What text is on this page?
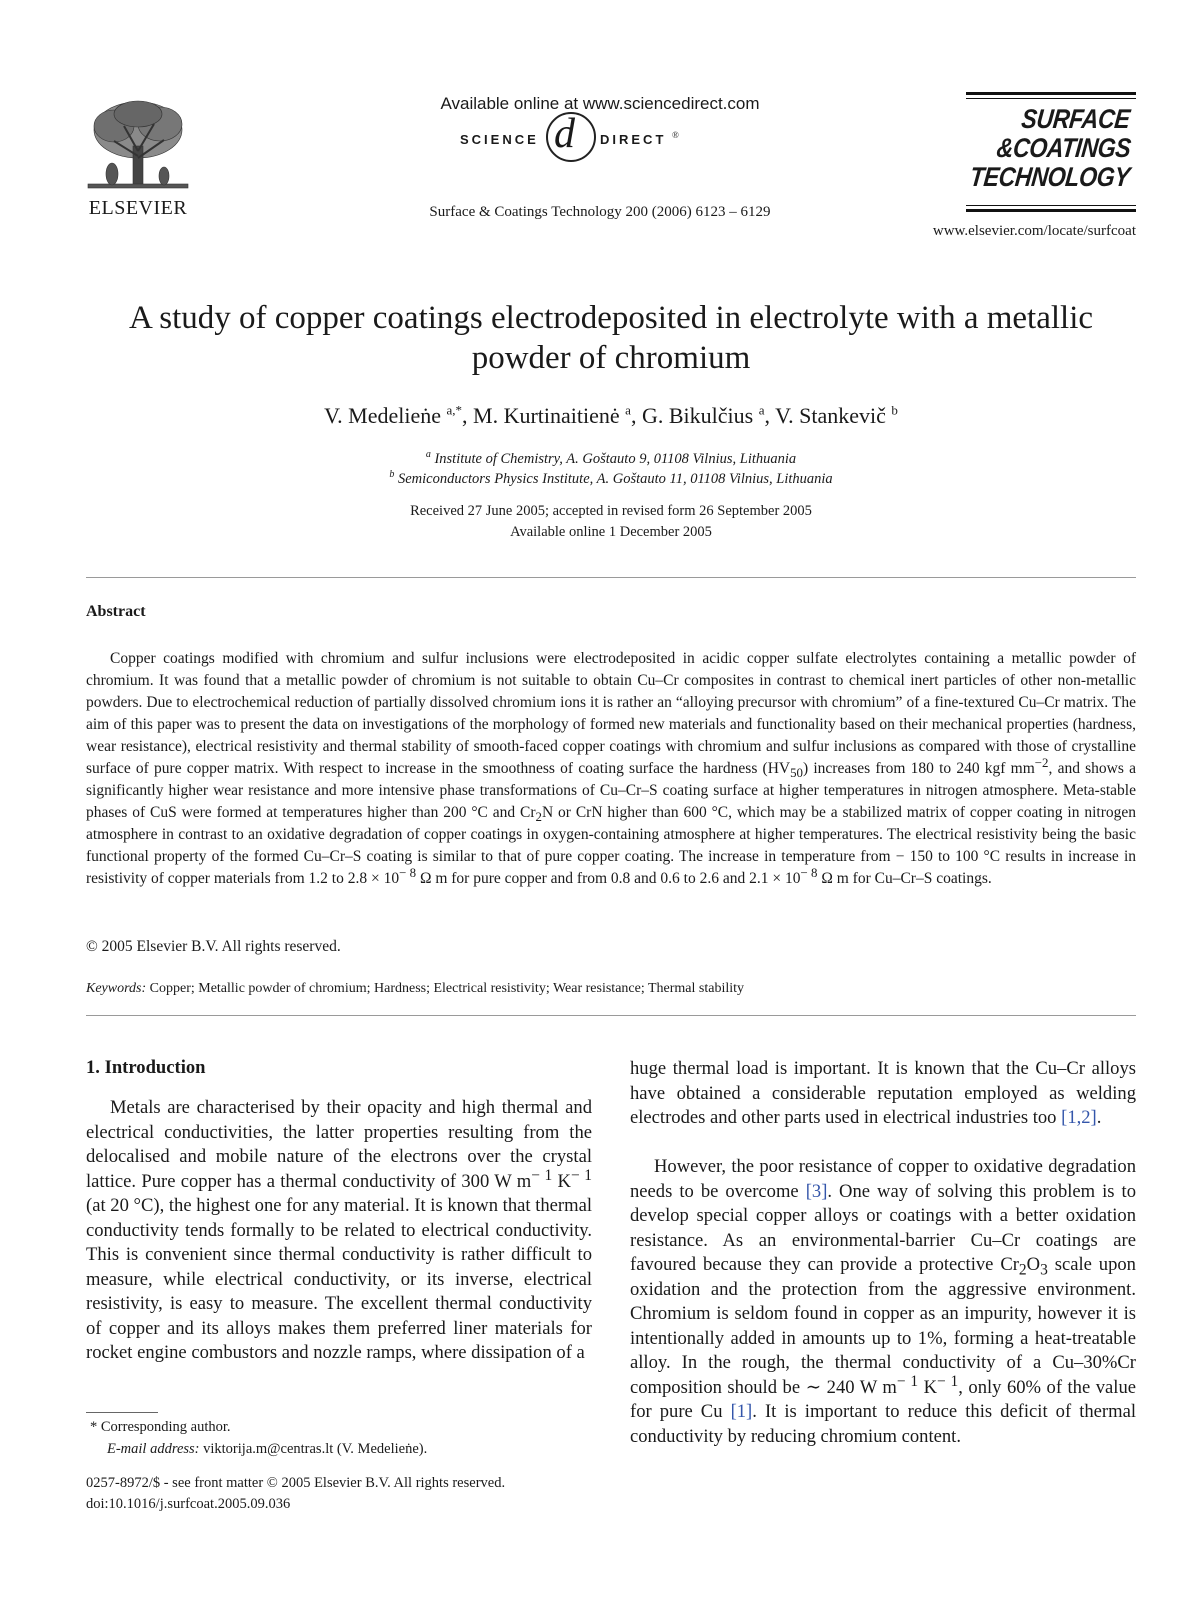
ELSEVIER
Available online at www.sciencedirect.com
SCIENCE d DIRECT ®
Surface & Coatings Technology 200 (2006) 6123 – 6129
SURFACE
&COATINGS
TECHNOLOGY
www.elsevier.com/locate/surfcoat
A study of copper coatings electrodeposited in electrolyte with a metallic
powder of chromium
V. Medelieṅe $^{a,*}$, M. Kurtinaitienė $^a$, G. Bikulčius $^a$, V. Stankevič $^b$
$^a$ Institute of Chemistry, A. Goštauto 9, 01108 Vilnius, Lithuania
$^b$ Semiconductors Physics Institute, A. Goštauto 11, 01108 Vilnius, Lithuania
Received 27 June 2005; accepted in revised form 26 September 2005
Available online 1 December 2005
Abstract

Copper coatings modified with chromium and sulfur inclusions were electrodeposited in acidic copper sulfate electrolytes containing a metallic powder of chromium. It was found that a metallic powder of chromium is not suitable to obtain Cu–Cr composites in contrast to chemical inert particles of other non-metallic powders. Due to electrochemical reduction of partially dissolved chromium ions it is rather an “alloying precursor with chromium” of a fine-textured Cu–Cr matrix. The aim of this paper was to present the data on investigations of the morphology of formed new materials and functionality based on their mechanical properties (hardness, wear resistance), electrical resistivity and thermal stability of smooth-faced copper coatings with chromium and sulfur inclusions as compared with those of crystalline surface of pure copper matrix. With respect to increase in the smoothness of coating surface the hardness $(HV_{50})$ increases from 180 to 240 kgf $mm^{-2}$, and shows a significantly higher wear resistance and more intensive phase transformations of Cu–Cr–S coating surface at higher temperatures in nitrogen atmosphere. Meta-stable phases of CuS were formed at temperatures higher than 200 °C and $Cr_2N$ or CrN higher than 600 °C, which may be a stabilized matrix of copper coating in nitrogen atmosphere in contrast to an oxidative degradation of copper coatings in oxygen-containing atmosphere at higher temperatures. The electrical resistivity being the basic functional property of the formed Cu–Cr–S coating is similar to that of pure copper coating. The increase in temperature from − 150 to 100 °C results in increase in resistivity of copper materials from 1.2 to $2.8 \times 10^{- 8}$ Ω m for pure copper and from 0.8 and 0.6 to 2.6 and $2.1 \times 10^{- 8}$ Ω m for Cu–Cr–S coatings.

© 2005 Elsevier B.V. All rights reserved.
Keywords: Copper; Metallic powder of chromium; Hardness; Electrical resistivity; Wear resistance; Thermal stability
1. Introduction

Metals are characterised by their opacity and high thermal and electrical conductivities, the latter properties resulting from the delocalised and mobile nature of the electrons over the crystal lattice. Pure copper has a thermal conductivity of 300 W $m^{- 1}$ $K^{- 1}$ (at 20 °C), the highest one for any material. It is known that thermal conductivity tends formally to be related to electrical conductivity. This is convenient since thermal conductivity is rather difficult to measure, while electrical conductivity, or its inverse, electrical resistivity, is easy to measure. The excellent thermal conductivity of copper and its alloys makes them preferred liner materials for rocket engine combustors and nozzle ramps, where dissipation of a

huge thermal load is important. It is known that the Cu–Cr alloys have obtained a considerable reputation employed as welding electrodes and other parts used in electrical industries too [1,2].

However, the poor resistance of copper to oxidative degradation needs to be overcome [3]. One way of solving this problem is to develop special copper alloys or coatings with a better oxidation resistance. As an environmental-barrier Cu–Cr coatings are favoured because they can provide a protective $Cr_2O_3$ scale upon oxidation and the protection from the aggressive environment. Chromium is seldom found in copper as an impurity, however it is intentionally added in amounts up to 1%, forming a heat-treatable alloy. In the rough, the thermal conductivity of a Cu–30%Cr composition should be ∼ 240 W $m^{- 1}$ $K^{- 1}$, only 60% of the value for pure Cu [1]. It is important to reduce this deficit of thermal conductivity by reducing chromium content.

* Corresponding author.
E-mail address: viktorija.m@centras.lt (V. Medelieṅe).
0257-8972/$ - see front matter © 2005 Elsevier B.V. All rights reserved.
doi:10.1016/j.surfcoat.2005.09.036
